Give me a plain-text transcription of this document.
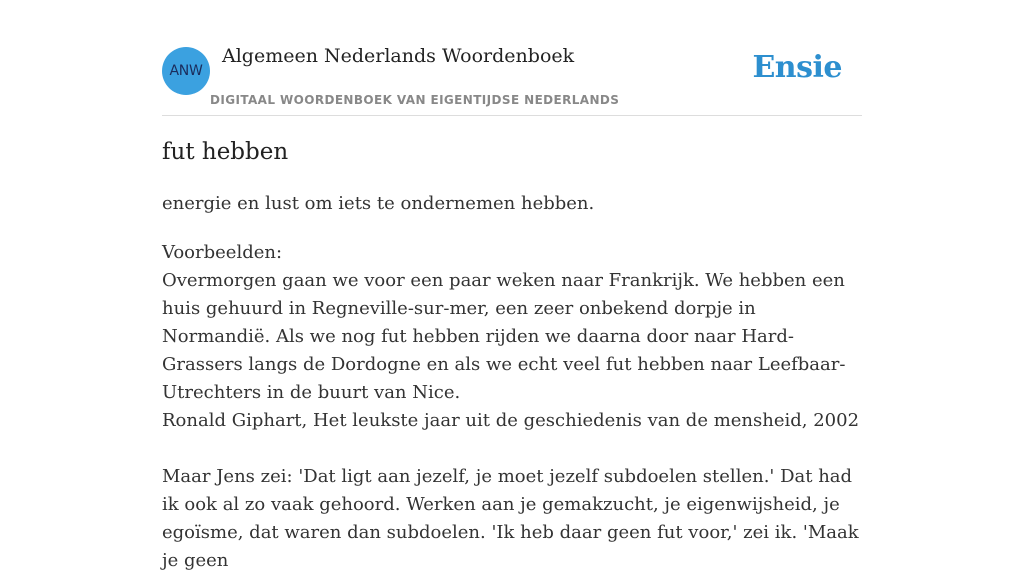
ANW
Algemeen Nederlands Woordenboek
DIGITAAL WOORDENBOEK VAN EIGENTIJDSE NEDERLANDS
Ensie
fut hebben
energie en lust om iets te ondernemen hebben.

Voorbeelden:

Overmorgen gaan we voor een paar weken naar Frankrijk. We hebben een huis gehuurd in Regneville-sur-mer, een zeer onbekend dorpje in Normandië. Als we nog fut hebben rijden we daarna door naar Hard-Grassers langs de Dordogne en als we echt veel fut hebben naar Leefbaar-Utrechters in de buurt van Nice.

Ronald Giphart, Het leukste jaar uit de geschiedenis van de mensheid, 2002

Maar Jens zei: 'Dat ligt aan jezelf, je moet jezelf subdoelen stellen.' Dat had ik ook al zo vaak gehoord. Werken aan je gemakzucht, je eigenwijsheid, je egoïsme, dat waren dan subdoelen. 'Ik heb daar geen fut voor,' zei ik. 'Maak je geen
